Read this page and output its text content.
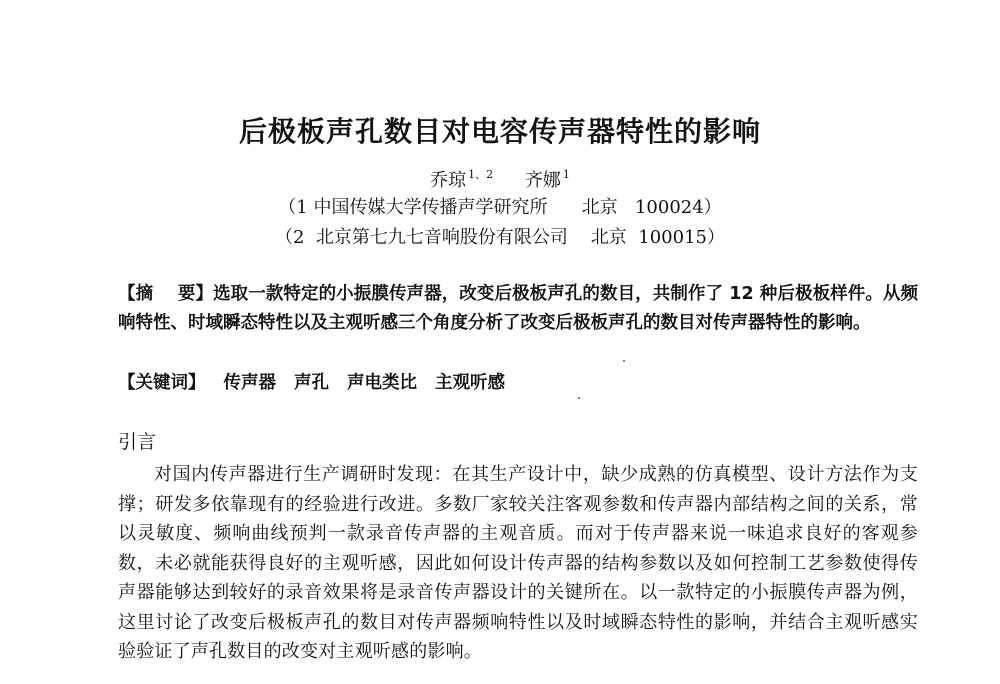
后极板声孔数目对电容传声器特性的影响
乔琼 $^{1、2}$ 齐娜 $^1$
（1 中国传媒大学传播声学研究所      北京   100024）
（2  北京第七九七音响股份有限公司    北京  100015）
【摘    要】选取一款特定的小振膜传声器，改变后极板声孔的数目，共制作了 12 种后极板样件。从频响特性、时域瞬态特性以及主观听感三个角度分析了改变后极板声孔的数目对传声器特性的影响。
【关键词】 传声器 声孔 声电类比 主观听感
引言
对国内传声器进行生产调研时发现：在其生产设计中，缺少成熟的仿真模型、设计方法作为支撑；研发多依靠现有的经验进行改进。多数厂家较关注客观参数和传声器内部结构之间的关系，常以灵敏度、频响曲线预判一款录音传声器的主观音质。而对于传声器来说一味追求良好的客观参数，未必就能获得良好的主观听感，因此如何设计传声器的结构参数以及如何控制工艺参数使得传声器能够达到较好的录音效果将是录音传声器设计的关键所在。以一款特定的小振膜传声器为例，这里讨论了改变后极板声孔的数目对传声器频响特性以及时域瞬态特性的影响，并结合主观听感实验验证了声孔数目的改变对主观听感的影响。
